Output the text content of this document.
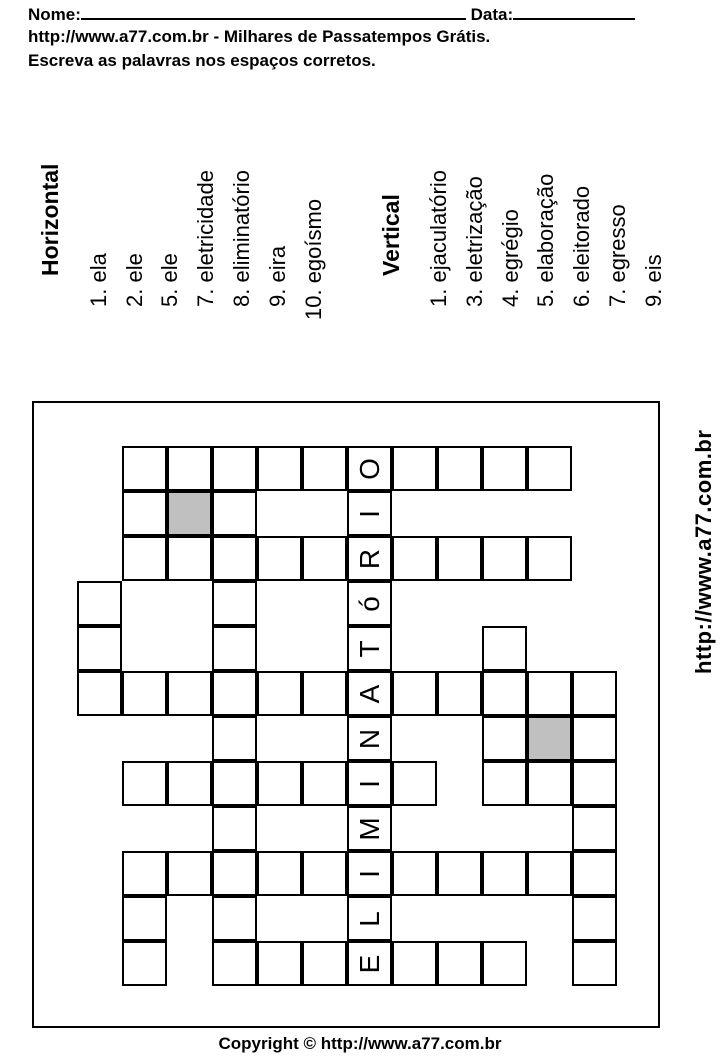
Nome:	Data:
http://www.a77.com.br - Milhares de Passatempos Grátis.
Escreva as palavras nos espaços corretos.
Horizontal
1. ela 2. ele 5. ele 7. eletricidade 8. eliminatório 9. eira 10. egoísmo Vertical 1. ejaculatório 3. eletrização 4. egrégio 5. elaboração 6. eleitorado 7. egresso 9. eis
http://www.a77.com.br
O
I
R
ó
T
A
N
I
M
I
L
E
Copyright © http://www.a77.com.br
